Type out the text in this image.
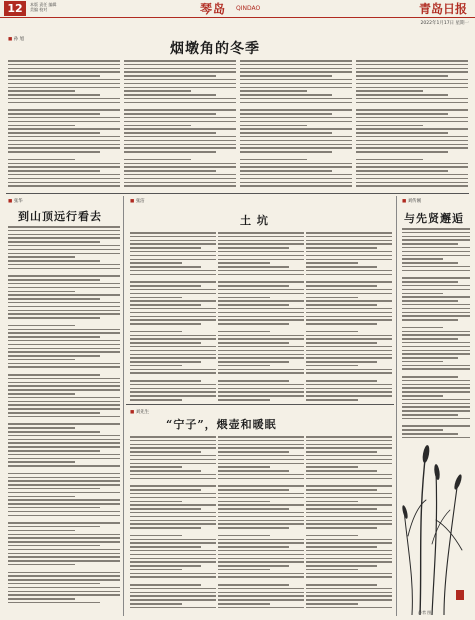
12	本版 责任 编辑
美编 校对	琴岛 QINDAO	青岛日报
2022年1月17日 星期一
■ 孙 旭
烟墩角的冬季
■ 刘传刚
与先贤邂逅
■ 张华
到山顶远行看去
■ 张洁
土 坑
■ 刘先生
“宁子”，煨壶和暖眠
芦苇 图
